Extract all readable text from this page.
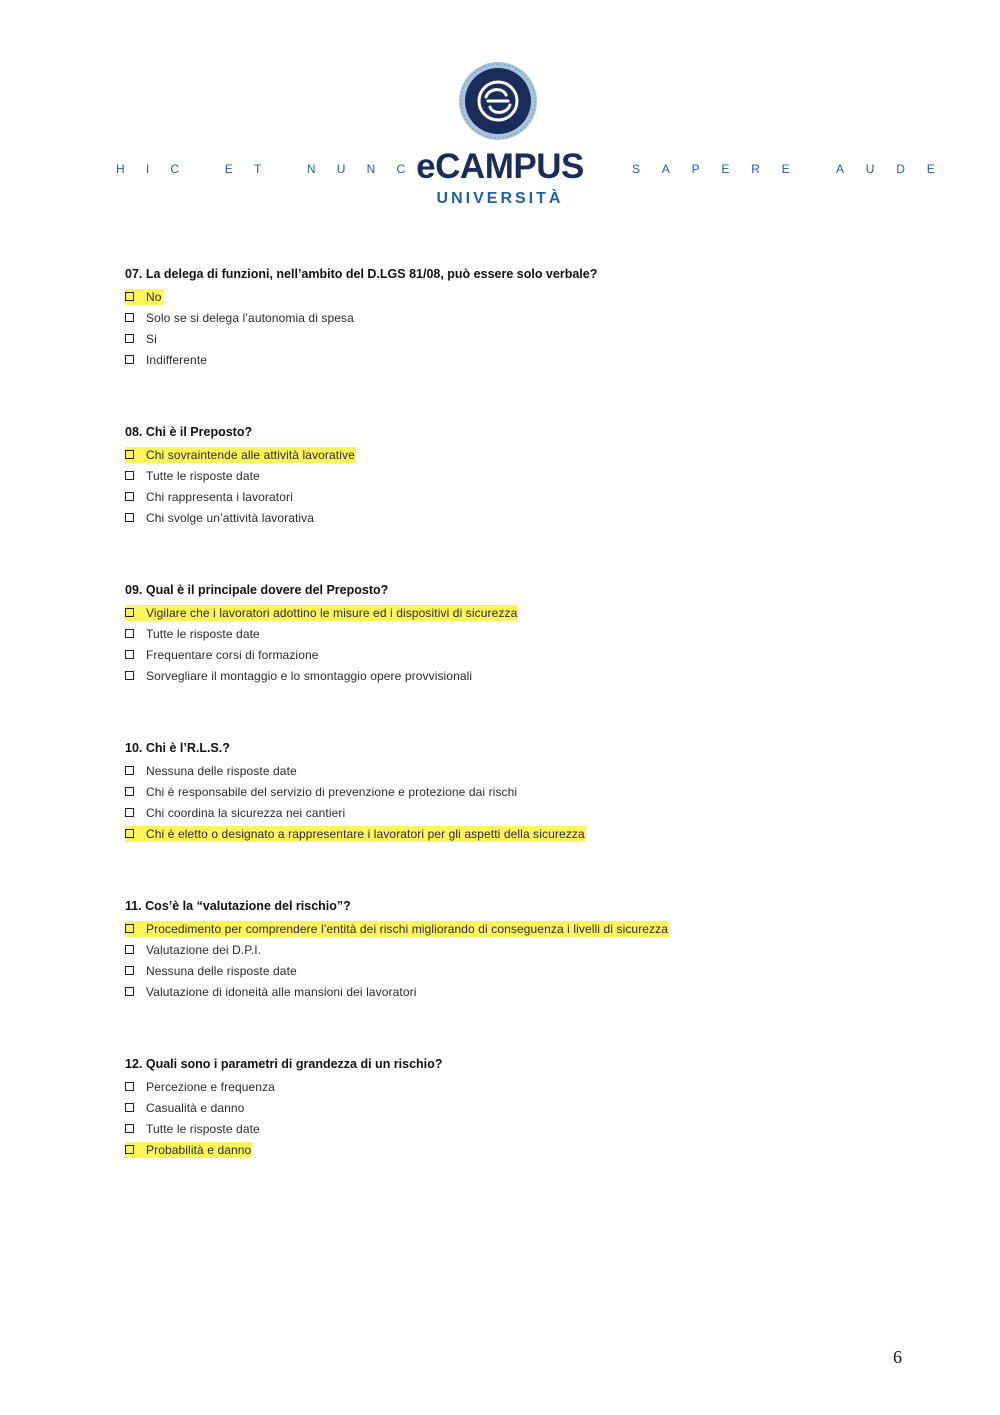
HIC ET NUNC
eCAMPUS
UNIVERSITÀ
SAPERE AUDE
07. La delega di funzioni, nell’ambito del D.LGS 81/08, può essere solo verbale?
No
Solo se si delega l’autonomia di spesa
Si
Indifferente
08. Chi è il Preposto?
Chi sovraintende alle attività lavorative
Tutte le risposte date
Chi rappresenta i lavoratori
Chi svolge un’attività lavorativa
09. Qual è il principale dovere del Preposto?
Vigilare che i lavoratori adottino le misure ed i dispositivi di sicurezza
Tutte le risposte date
Frequentare corsi di formazione
Sorvegliare il montaggio e lo smontaggio opere provvisionali
10. Chi è l’R.L.S.?
Nessuna delle risposte date
Chi è responsabile del servizio di prevenzione e protezione dai rischi
Chi coordina la sicurezza nei cantieri
Chi è eletto o designato a rappresentare i lavoratori per gli aspetti della sicurezza
11. Cos’è la “valutazione del rischio”?
Procedimento per comprendere l’entità dei rischi migliorando di conseguenza i livelli di sicurezza
Valutazione dei D.P.I.
Nessuna delle risposte date
Valutazione di idoneità alle mansioni dei lavoratori
12. Quali sono i parametri di grandezza di un rischio?
Percezione e frequenza
Casualità e danno
Tutte le risposte date
Probabilità e danno
6
